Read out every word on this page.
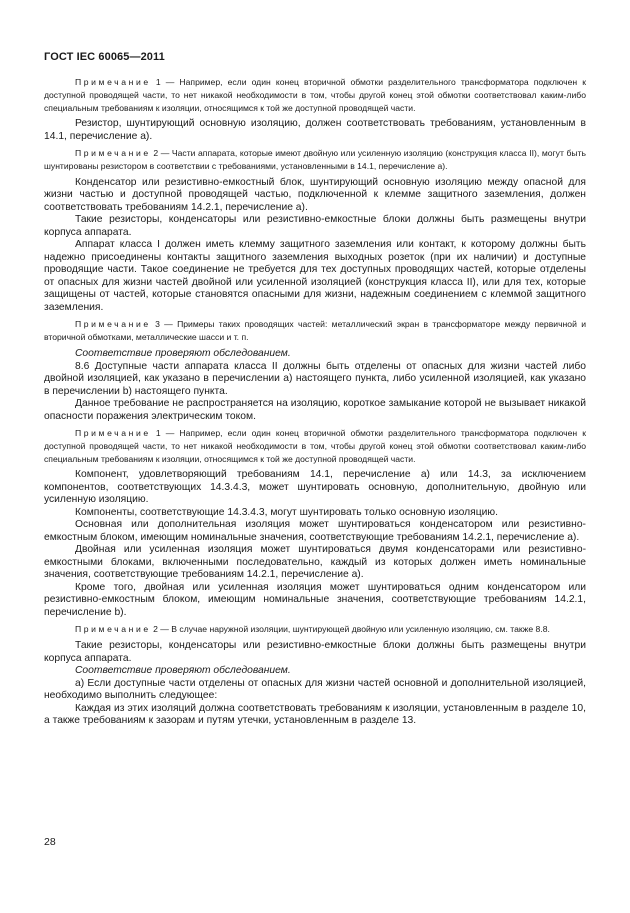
ГОСТ IEC 60065—2011

Примечание 1 — Например, если один конец вторичной обмотки разделительного трансформатора подключен к доступной проводящей части, то нет никакой необходимости в том, чтобы другой конец этой обмотки соответствовал каким-либо специальным требованиям к изоляции, относящимся к той же доступной проводящей части.

Резистор, шунтирующий основную изоляцию, должен соответствовать требованиям, установленным в 14.1, перечисление а).

Примечание 2 — Части аппарата, которые имеют двойную или усиленную изоляцию (конструкция класса II), могут быть шунтированы резистором в соответствии с требованиями, установленными в 14.1, перечисление а).

Конденсатор или резистивно-емкостный блок, шунтирующий основную изоляцию между опасной для жизни частью и доступной проводящей частью, подключенной к клемме защитного заземления, должен соответствовать требованиям 14.2.1, перечисление а).

Такие резисторы, конденсаторы или резистивно-емкостные блоки должны быть размещены внутри корпуса аппарата.

Аппарат класса I должен иметь клемму защитного заземления или контакт, к которому должны быть надежно присоединены контакты защитного заземления выходных розеток (при их наличии) и доступные проводящие части. Такое соединение не требуется для тех доступных проводящих частей, которые отделены от опасных для жизни частей двойной или усиленной изоляцией (конструкция класса II), или для тех, которые защищены от частей, которые становятся опасными для жизни, надежным соединением с клеммой защитного заземления.

Примечание 3 — Примеры таких проводящих частей: металлический экран в трансформаторе между первичной и вторичной обмотками, металлические шасси и т. п.

Соответствие проверяют обследованием.

8.6 Доступные части аппарата класса II должны быть отделены от опасных для жизни частей либо двойной изоляцией, как указано в перечислении а) настоящего пункта, либо усиленной изоляцией, как указано в перечислении b) настоящего пункта.

Данное требование не распространяется на изоляцию, короткое замыкание которой не вызывает никакой опасности поражения электрическим током.

Примечание 1 — Например, если один конец вторичной обмотки разделительного трансформатора подключен к доступной проводящей части, то нет никакой необходимости в том, чтобы другой конец этой обмотки соответствовал каким-либо специальным требованиям к изоляции, относящимся к той же доступной проводящей части.

Компонент, удовлетворяющий требованиям 14.1, перечисление а) или 14.3, за исключением компонентов, соответствующих 14.3.4.3, может шунтировать основную, дополнительную, двойную или усиленную изоляцию.

Компоненты, соответствующие 14.3.4.3, могут шунтировать только основную изоляцию.

Основная или дополнительная изоляция может шунтироваться конденсатором или резистивно-емкостным блоком, имеющим номинальные значения, соответствующие требованиям 14.2.1, перечисление а).

Двойная или усиленная изоляция может шунтироваться двумя конденсаторами или резистивно-емкостными блоками, включенными последовательно, каждый из которых должен иметь номинальные значения, соответствующие требованиям 14.2.1, перечисление а).

Кроме того, двойная или усиленная изоляция может шунтироваться одним конденсатором или резистивно-емкостным блоком, имеющим номинальные значения, соответствующие требованиям 14.2.1, перечисление b).

Примечание 2 — В случае наружной изоляции, шунтирующей двойную или усиленную изоляцию, см. также 8.8.

Такие резисторы, конденсаторы или резистивно-емкостные блоки должны быть размещены внутри корпуса аппарата.

Соответствие проверяют обследованием.

а) Если доступные части отделены от опасных для жизни частей основной и дополнительной изоляцией, необходимо выполнить следующее:

Каждая из этих изоляций должна соответствовать требованиям к изоляции, установленным в разделе 10, а также требованиям к зазорам и путям утечки, установленным в разделе 13.

28
